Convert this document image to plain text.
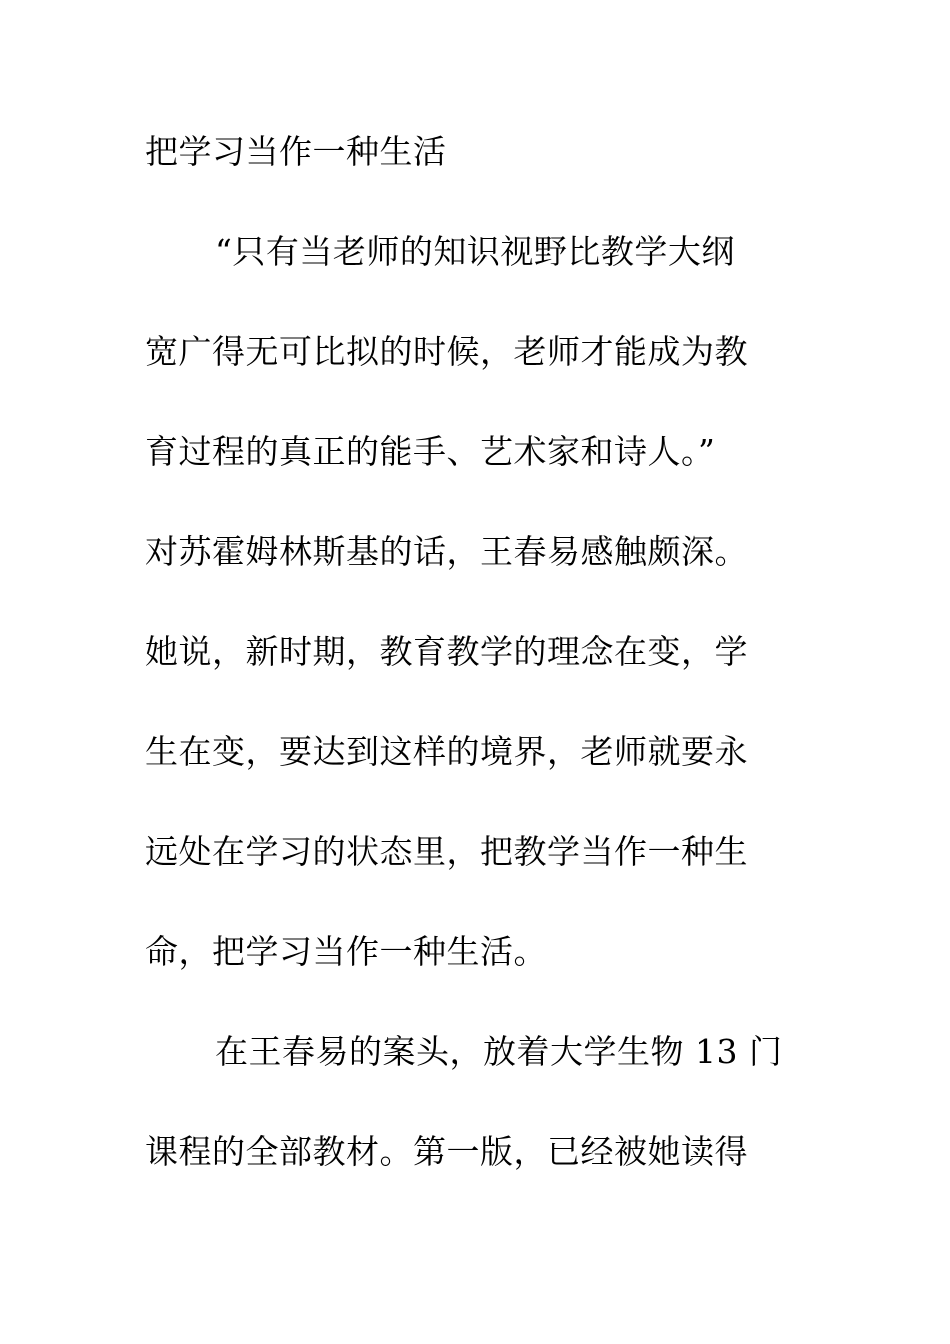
把学习当作一种生活
“只有当老师的知识视野比教学大纲
宽广得无可比拟的时候，老师才能成为教
育过程的真正的能手、艺术家和诗人。”
对苏霍姆林斯基的话，王春易感触颇深。
她说，新时期，教育教学的理念在变，学
生在变，要达到这样的境界，老师就要永
远处在学习的状态里，把教学当作一种生
命，把学习当作一种生活。
在王春易的案头，放着大学生物 13 门
课程的全部教材。第一版，已经被她读得
